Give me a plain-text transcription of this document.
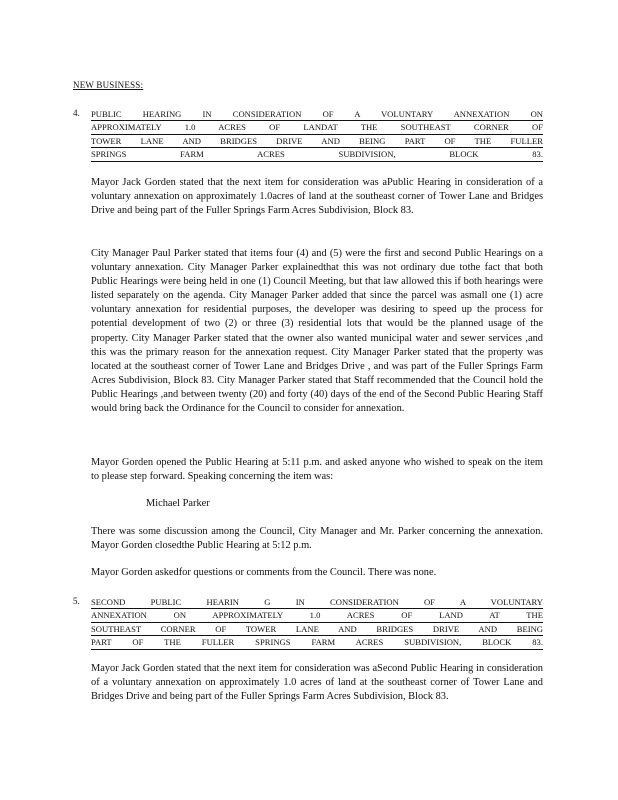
NEW BUSINESS:
4. PUBLIC HEARING IN CONSIDERATION OF A VOLUNTARY ANNEXATION ON
APPROXIMATELY 1.0 ACRES OF LANDAT THE SOUTHEAST CORNER OF
TOWER LANE AND BRIDGES DRIVE AND BEING PART OF THE FULLER
SPRINGS FARM ACRES SUBDIVISION, BLOCK 83.

Mayor Jack Gorden stated that the next item for consideration was aPublic Hearing in consideration of a voluntary annexation on approximately 1.0acres of land at the southeast corner of Tower Lane and Bridges Drive and being part of the Fuller Springs Farm Acres Subdivision, Block 83.

City Manager Paul Parker stated that items four (4) and (5) were the first and second Public Hearings on a voluntary annexation. City Manager Parker explainedthat this was not ordinary due tothe fact that both Public Hearings were being held in one (1) Council Meeting, but that law allowed this if both hearings were listed separately on the agenda. City Manager Parker added that since the parcel was asmall one (1) acre voluntary annexation for residential purposes, the developer was desiring to speed up the process for potential development of two (2) or three (3) residential lots that would be the planned usage of the property. City Manager Parker stated that the owner also wanted municipal water and sewer services ,and this was the primary reason for the annexation request. City Manager Parker stated that the property was located at the southeast corner of Tower Lane and Bridges Drive , and was part of the Fuller Springs Farm Acres Subdivision, Block 83. City Manager Parker stated that Staff recommended that the Council hold the Public Hearings ,and between twenty (20) and forty (40) days of the end of the Second Public Hearing Staff would bring back the Ordinance for the Council to consider for annexation.

Mayor Gorden opened the Public Hearing at 5:11 p.m. and asked anyone who wished to speak on the item to please step forward. Speaking concerning the item was:

Michael Parker

There was some discussion among the Council, City Manager and Mr. Parker concerning the annexation. Mayor Gorden closedthe Public Hearing at 5:12 p.m.

Mayor Gorden askedfor questions or comments from the Council. There was none.

5. SECOND PUBLIC HEARIN G IN CONSIDERATION OF A VOLUNTARY
ANNEXATION ON APPROXIMATELY 1.0 ACRES OF LAND AT THE
SOUTHEAST CORNER OF TOWER LANE AND BRIDGES DRIVE AND BEING
PART OF THE FULLER SPRINGS FARM ACRES SUBDIVISION, BLOCK 83.

Mayor Jack Gorden stated that the next item for consideration was aSecond Public Hearing in consideration of a voluntary annexation on approximately 1.0 acres of land at the southeast corner of Tower Lane and Bridges Drive and being part of the Fuller Springs Farm Acres Subdivision, Block 83.
